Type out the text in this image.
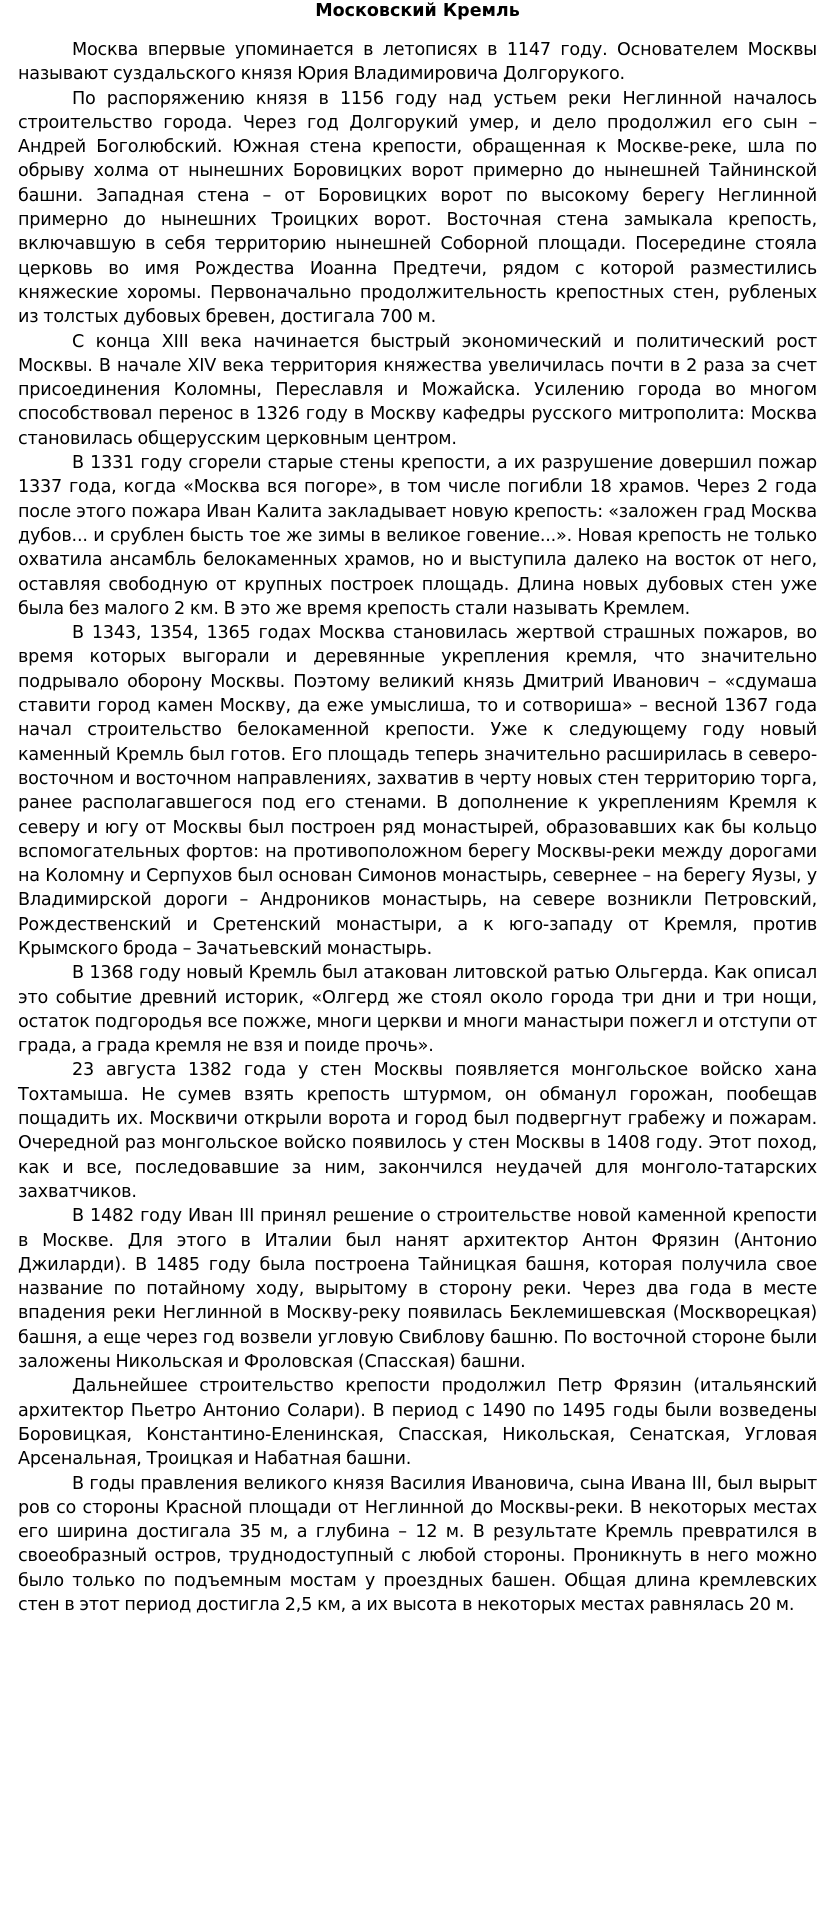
Московский Кремль

Москва впервые упоминается в летописях в 1147 году. Основателем Москвы называют суздальского князя Юрия Владимировича Долгорукого.

По распоряжению князя в 1156 году над устьем реки Неглинной началось строительство города. Через год Долгорукий умер, и дело продолжил его сын – Андрей Боголюбский. Южная стена крепости, обращенная к Москве-реке, шла по обрыву холма от нынешних Боровицких ворот примерно до нынешней Тайнинской башни. Западная стена – от Боровицких ворот по высокому берегу Неглинной примерно до нынешних Троицких ворот. Восточная стена замыкала крепость, включавшую в себя территорию нынешней Соборной площади. Посередине стояла церковь во имя Рождества Иоанна Предтечи, рядом с которой разместились княжеские хоромы. Первоначально продолжительность крепостных стен, рубленых из толстых дубовых бревен, достигала 700 м.

С конца XIII века начинается быстрый экономический и политический рост Москвы. В начале XIV века территория княжества увеличилась почти в 2 раза за счет присоединения Коломны, Переславля и Можайска. Усилению города во многом способствовал перенос в 1326 году в Москву кафедры русского митрополита: Москва становилась общерусским церковным центром.

В 1331 году сгорели старые стены крепости, а их разрушение довершил пожар 1337 года, когда «Москва вся погоре», в том числе погибли 18 храмов. Через 2 года после этого пожара Иван Калита закладывает новую крепость: «заложен град Москва дубов... и срублен бысть тое же зимы в великое говение...». Новая крепость не только охватила ансамбль белокаменных храмов, но и выступила далеко на восток от него, оставляя свободную от крупных построек площадь. Длина новых дубовых стен уже была без малого 2 км. В это же время крепость стали называть Кремлем.

В 1343, 1354, 1365 годах Москва становилась жертвой страшных пожаров, во время которых выгорали и деревянные укрепления кремля, что значительно подрывало оборону Москвы. Поэтому великий князь Дмитрий Иванович – «сдумаша ставити город камен Москву, да еже умыслиша, то и сотвориша» – весной 1367 года начал строительство белокаменной крепости. Уже к следующему году новый каменный Кремль был готов. Его площадь теперь значительно расширилась в северо-восточном и восточном направлениях, захватив в черту новых стен территорию торга, ранее располагавшегося под его стенами. В дополнение к укреплениям Кремля к северу и югу от Москвы был построен ряд монастырей, образовавших как бы кольцо вспомогательных фортов: на противоположном берегу Москвы-реки между дорогами на Коломну и Серпухов был основан Симонов монастырь, севернее – на берегу Яузы, у Владимирской дороги – Андроников монастырь, на севере возникли Петровский, Рождественский и Сретенский монастыри, а к юго-западу от Кремля, против Крымского брода – Зачатьевский монастырь.

В 1368 году новый Кремль был атакован литовской ратью Ольгерда. Как описал это событие древний историк, «Олгерд же стоял около города три дни и три нощи, остаток подгородья все пожже, многи церкви и многи манастыри пожегл и отступи от града, а града кремля не взя и поиде прочь».

23 августа 1382 года у стен Москвы появляется монгольское войско хана Тохтамыша. Не сумев взять крепость штурмом, он обманул горожан, пообещав пощадить их. Москвичи открыли ворота и город был подвергнут грабежу и пожарам. Очередной раз монгольское войско появилось у стен Москвы в 1408 году. Этот поход, как и все, последовавшие за ним, закончился неудачей для монголо-татарских захватчиков.

В 1482 году Иван III принял решение о строительстве новой каменной крепости в Москве. Для этого в Италии был нанят архитектор Антон Фрязин (Антонио Джиларди). В 1485 году была построена Тайницкая башня, которая получила свое название по потайному ходу, вырытому в сторону реки. Через два года в месте впадения реки Неглинной в Москву-реку появилась Беклемишевская (Москворецкая) башня, а еще через год возвели угловую Свиблову башню. По восточной стороне были заложены Никольская и Фроловская (Спасская) башни.

Дальнейшее строительство крепости продолжил Петр Фрязин (итальянский архитектор Пьетро Антонио Солари). В период с 1490 по 1495 годы были возведены Боровицкая, Константино-Еленинская, Спасская, Никольская, Сенатская, Угловая Арсенальная, Троицкая и Набатная башни.

В годы правления великого князя Василия Ивановича, сына Ивана III, был вырыт ров со стороны Красной площади от Неглинной до Москвы-реки. В некоторых местах его ширина достигала 35 м, а глубина – 12 м. В результате Кремль превратился в своеобразный остров, труднодоступный с любой стороны. Проникнуть в него можно было только по подъемным мостам у проездных башен. Общая длина кремлевских стен в этот период достигла 2,5 км, а их высота в некоторых местах равнялась 20 м.
